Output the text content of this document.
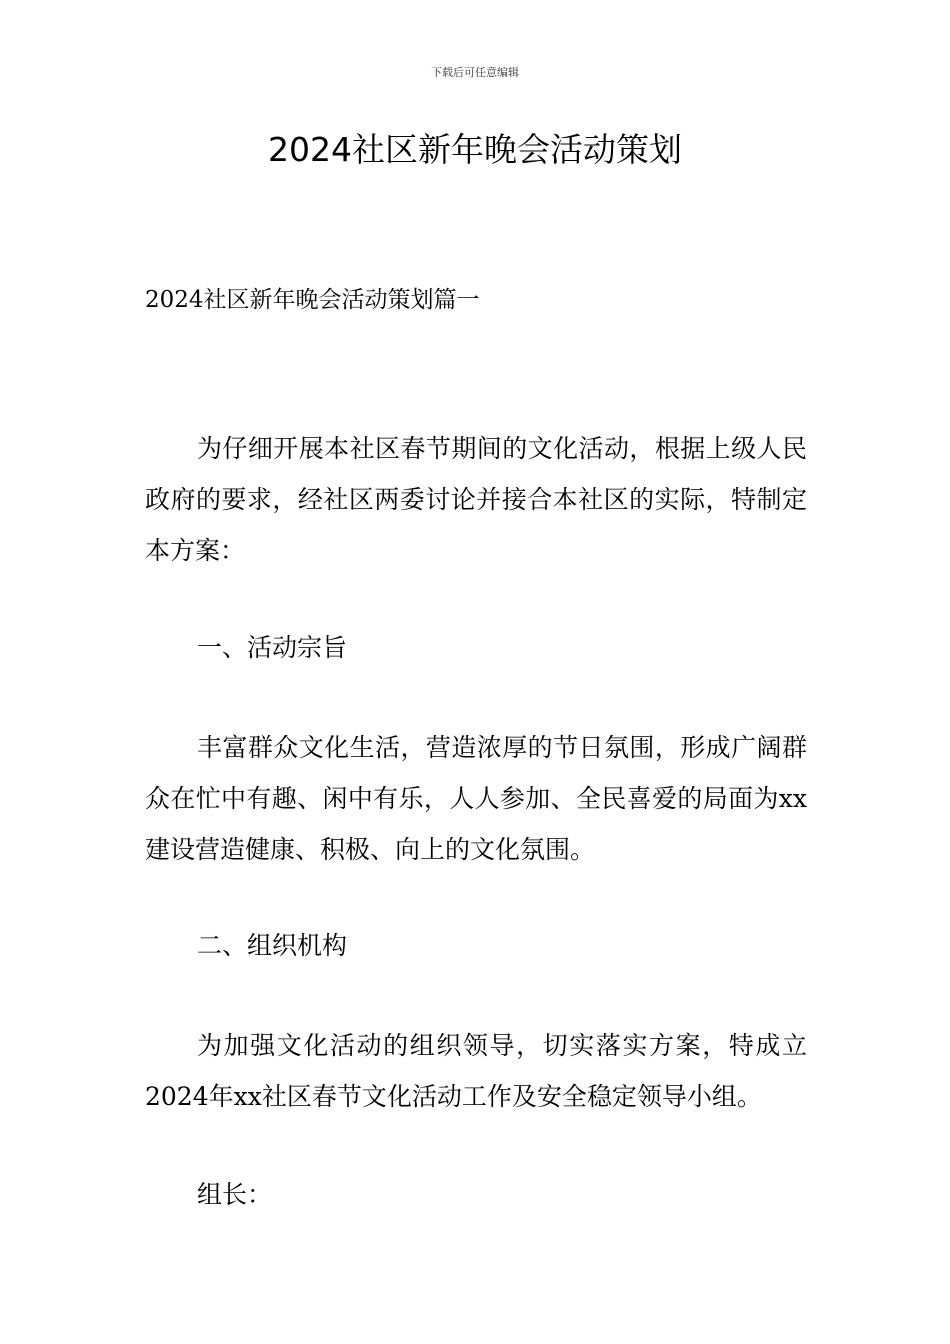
下载后可任意编辑
2024社区新年晚会活动策划
2024社区新年晚会活动策划篇一
为仔细开展本社区春节期间的文化活动，根据上级人民政府的要求，经社区两委讨论并接合本社区的实际，特制定本方案：
一、活动宗旨
丰富群众文化生活，营造浓厚的节日氛围，形成广阔群众在忙中有趣、闲中有乐，人人参加、全民喜爱的局面为xx建设营造健康、积极、向上的文化氛围。
二、组织机构
为加强文化活动的组织领导，切实落实方案，特成立2024年xx社区春节文化活动工作及安全稳定领导小组。
组长：
